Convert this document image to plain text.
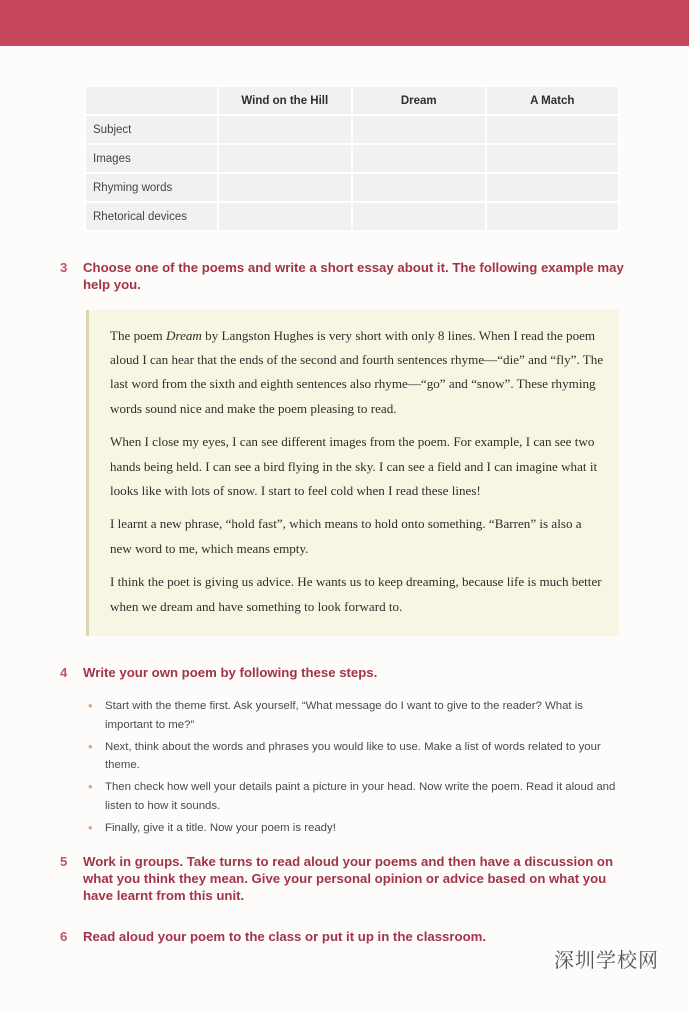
	Wind on the Hill	Dream	A Match
Subject			
Images			
Rhyming words			
Rhetorical devices			
3 Choose one of the poems and write a short essay about it. The following example may help you.

The poem Dream by Langston Hughes is very short with only 8 lines. When I read the poem aloud I can hear that the ends of the second and fourth sentences rhyme—“die” and “fly”. The last word from the sixth and eighth sentences also rhyme—“go” and “snow”. These rhyming words sound nice and make the poem pleasing to read.

When I close my eyes, I can see different images from the poem. For example, I can see two hands being held. I can see a bird flying in the sky. I can see a field and I can imagine what it looks like with lots of snow. I start to feel cold when I read these lines!

I learnt a new phrase, “hold fast”, which means to hold onto something. “Barren” is also a new word to me, which means empty.

I think the poet is giving us advice. He wants us to keep dreaming, because life is much better when we dream and have something to look forward to.

4 Write your own poem by following these steps.
• Start with the theme first. Ask yourself, “What message do I want to give to the reader? What is important to me?”
• Next, think about the words and phrases you would like to use. Make a list of words related to your theme.
• Then check how well your details paint a picture in your head. Now write the poem. Read it aloud and listen to how it sounds.
• Finally, give it a title. Now your poem is ready!
5 Work in groups. Take turns to read aloud your poems and then have a discussion on what you think they mean. Give your personal opinion or advice based on what you have learnt from this unit.
6 Read aloud your poem to the class or put it up in the classroom.
深圳学校网
